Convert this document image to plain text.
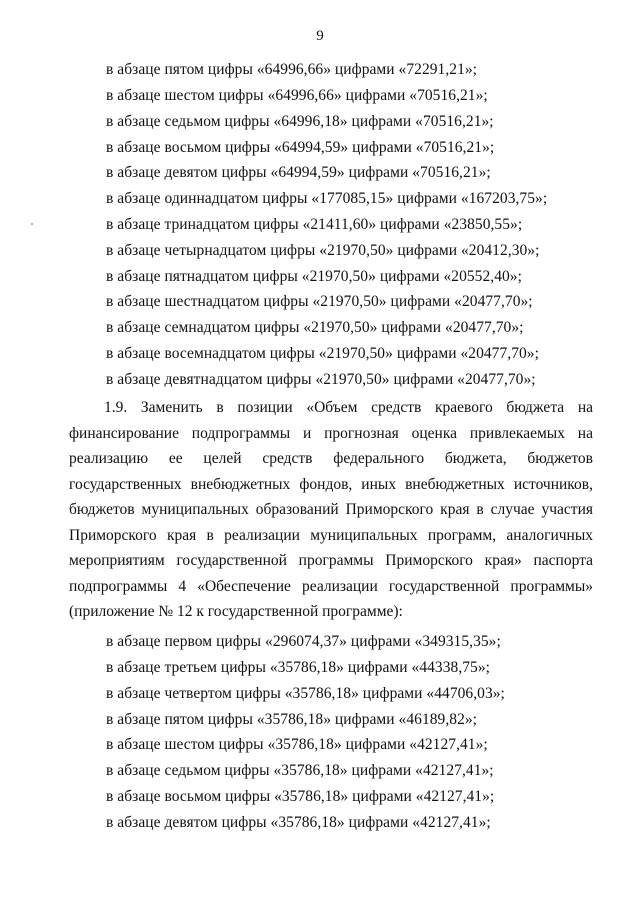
9
в абзаце пятом цифры «64996,66» цифрами «72291,21»;
в абзаце шестом цифры «64996,66» цифрами «70516,21»;
в абзаце седьмом цифры «64996,18» цифрами «70516,21»;
в абзаце восьмом цифры «64994,59» цифрами «70516,21»;
в абзаце девятом цифры «64994,59» цифрами «70516,21»;
в абзаце одиннадцатом цифры «177085,15» цифрами «167203,75»;
в абзаце тринадцатом цифры «21411,60» цифрами «23850,55»;
в абзаце четырнадцатом цифры «21970,50» цифрами «20412,30»;
в абзаце пятнадцатом цифры «21970,50» цифрами «20552,40»;
в абзаце шестнадцатом цифры «21970,50» цифрами «20477,70»;
в абзаце семнадцатом цифры «21970,50» цифрами «20477,70»;
в абзаце восемнадцатом цифры «21970,50» цифрами «20477,70»;
в абзаце девятнадцатом цифры «21970,50» цифрами «20477,70»;

1.9. Заменить в позиции «Объем средств краевого бюджета на финансирование подпрограммы и прогнозная оценка привлекаемых на реализацию ее целей средств федерального бюджета, бюджетов государственных внебюджетных фондов, иных внебюджетных источников, бюджетов муниципальных образований Приморского края в случае участия Приморского края в реализации муниципальных программ, аналогичных мероприятиям государственной программы Приморского края» паспорта подпрограммы 4 «Обеспечение реализации государственной программы» (приложение № 12 к государственной программе):

в абзаце первом цифры «296074,37» цифрами «349315,35»;
в абзаце третьем цифры «35786,18» цифрами «44338,75»;
в абзаце четвертом цифры «35786,18» цифрами «44706,03»;
в абзаце пятом цифры «35786,18» цифрами «46189,82»;
в абзаце шестом цифры «35786,18» цифрами «42127,41»;
в абзаце седьмом цифры «35786,18» цифрами «42127,41»;
в абзаце восьмом цифры «35786,18» цифрами «42127,41»;
в абзаце девятом цифры «35786,18» цифрами «42127,41»;
